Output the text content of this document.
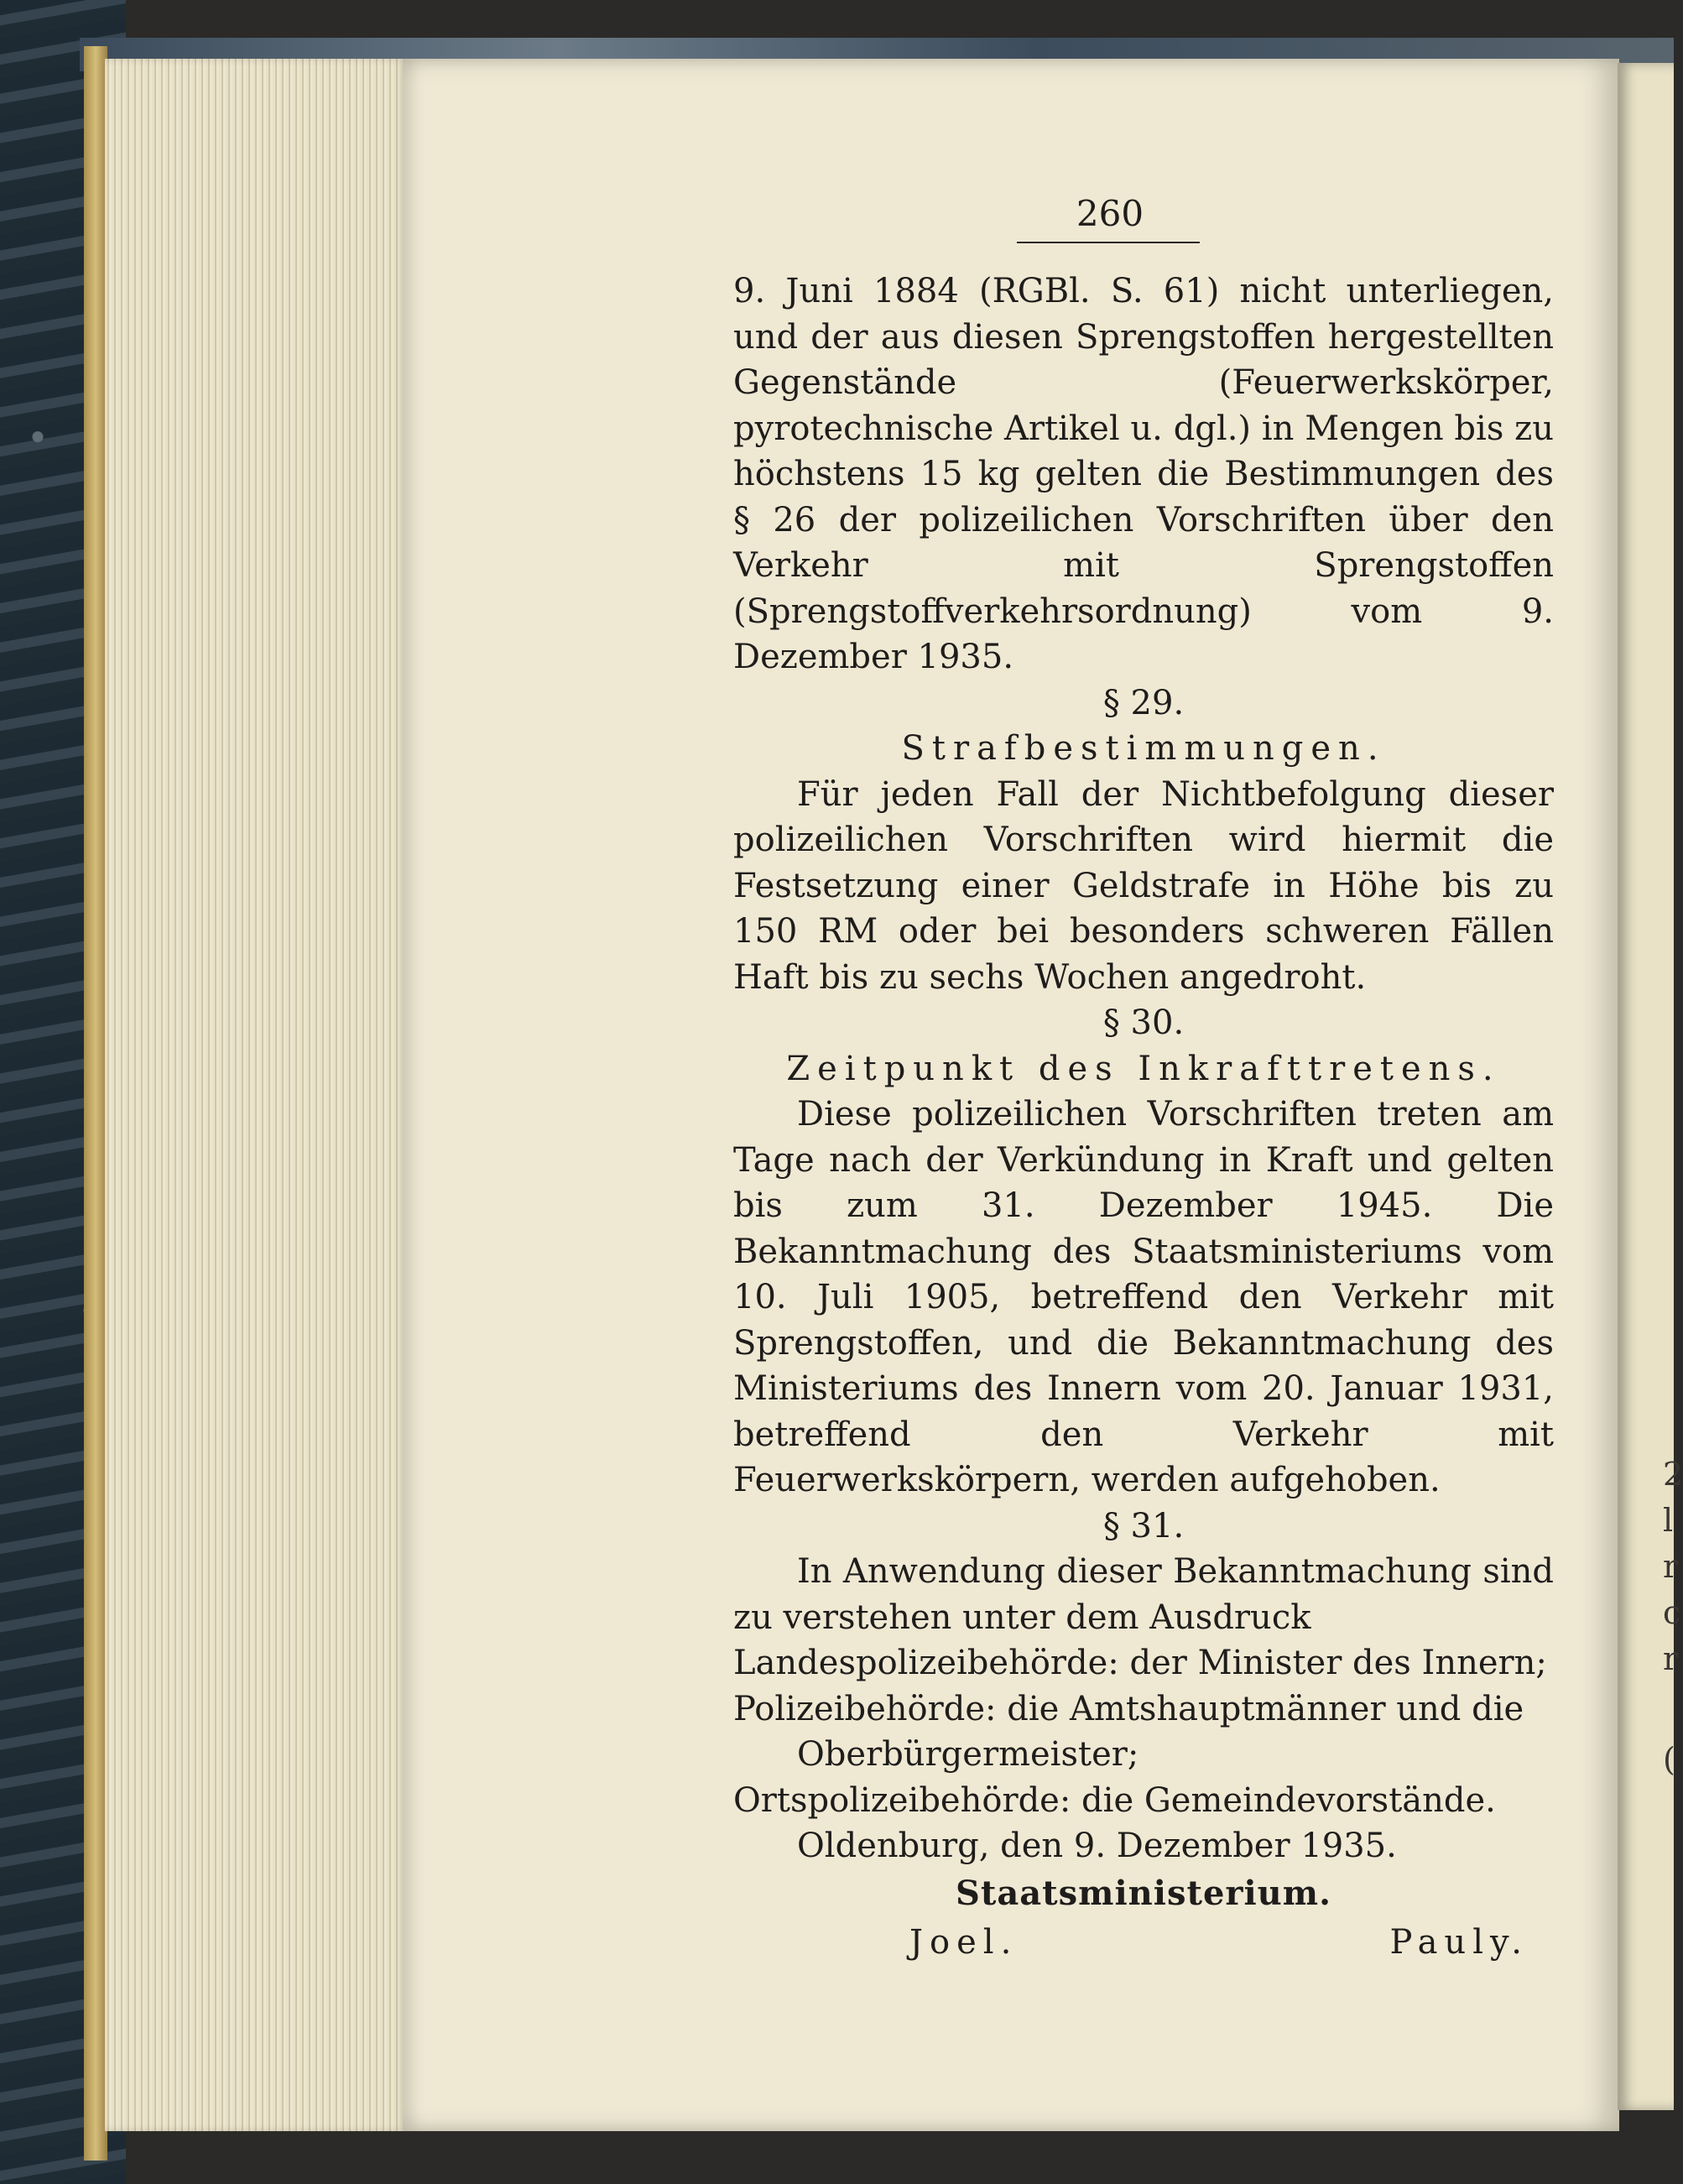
2
l
r
c
r
(
260

9. Juni 1884 (RGBl. S. 61) nicht unterliegen, und der aus diesen Sprengstoffen hergestellten Gegenstände (Feuerwerkskörper, pyrotechnische Artikel u. dgl.) in Mengen bis zu höchstens 15 kg gelten die Bestimmungen des § 26 der polizeilichen Vorschriften über den Verkehr mit Sprengstoffen (Sprengstoffverkehrsordnung) vom 9. Dezember 1935.

§ 29.

Strafbestimmungen.

Für jeden Fall der Nichtbefolgung dieser polizeilichen Vorschriften wird hiermit die Festsetzung einer Geldstrafe in Höhe bis zu 150 RM oder bei besonders schweren Fällen Haft bis zu sechs Wochen angedroht.

§ 30.

Zeitpunkt des Inkrafttretens.

Diese polizeilichen Vorschriften treten am Tage nach der Verkündung in Kraft und gelten bis zum 31. Dezember 1945. Die Bekanntmachung des Staatsministeriums vom 10. Juli 1905, betreffend den Verkehr mit Sprengstoffen, und die Bekanntmachung des Ministeriums des Innern vom 20. Januar 1931, betreffend den Verkehr mit Feuerwerkskörpern, werden aufgehoben.

§ 31.

In Anwendung dieser Bekanntmachung sind zu verstehen unter dem Ausdruck

Landespolizeibehörde: der Minister des Innern;

Polizeibehörde: die Amtshauptmänner und die Oberbürgermeister;

Ortspolizeibehörde: die Gemeindevorstände.

Oldenburg, den 9. Dezember 1935.

Staatsministerium.

Joel.	Pauly.
